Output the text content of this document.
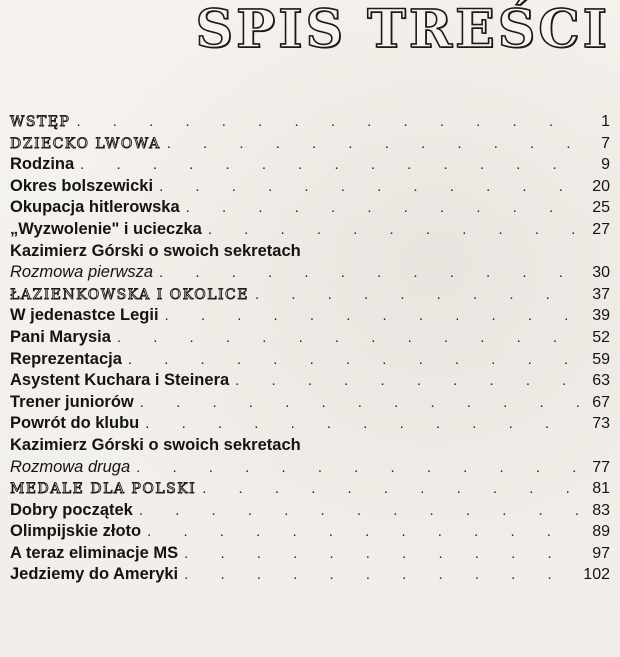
SPIS TREŚCI
WSTĘP . . .	1
DZIECKO LWOWA . . .	7
Rodzina . . .	9
Okres bolszewicki . . .	20
Okupacja hitlerowska . . .	25
„Wyzwolenie" i ucieczka . . .	27
Kazimierz Górski o swoich sekretach
Rozmowa pierwsza . . .	30
ŁAZIENKOWSKA I OKOLICE . . .	37
W jedenastce Legii . . .	39
Pani Marysia . . .	52
Reprezentacja . . .	59
Asystent Kuchara i Steinera . . .	63
Trener juniorów . . .	67
Powrót do klubu . . .	73
Kazimierz Górski o swoich sekretach
Rozmowa druga . . .	77
MEDALE DLA POLSKI . . .	81
Dobry początek . . .	83
Olimpijskie złoto . . .	89
A teraz eliminacje MS . . .	97
Jedziemy do Ameryki . . .	102
